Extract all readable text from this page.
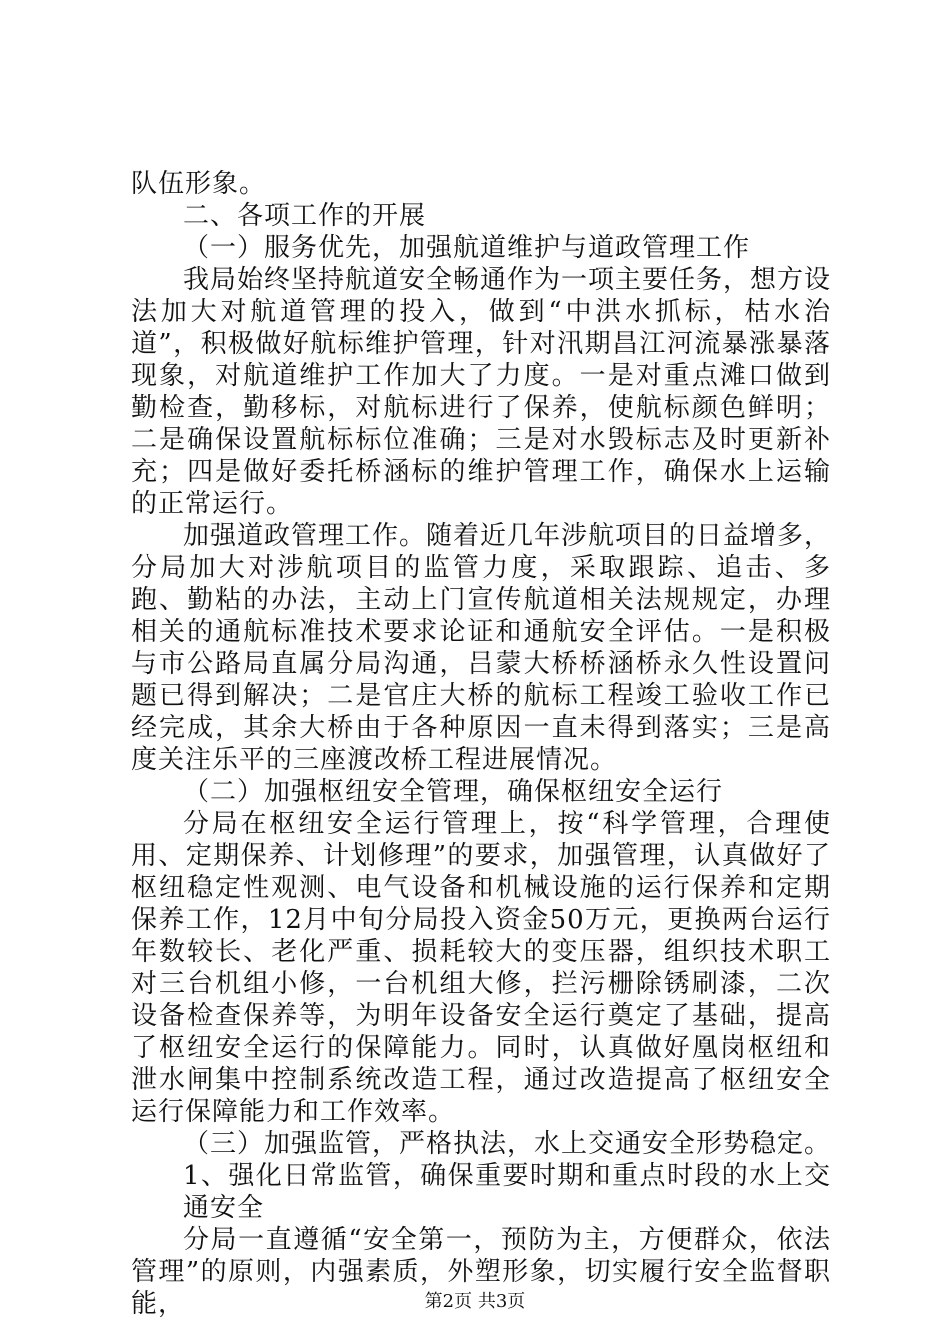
队伍形象。

二、各项工作的开展

（一）服务优先，加强航道维护与道政管理工作

我局始终坚持航道安全畅通作为一项主要任务，想方设法加大对航道管理的投入，做到“中洪水抓标，枯水治道”，积极做好航标维护管理，针对汛期昌江河流暴涨暴落现象，对航道维护工作加大了力度。一是对重点滩口做到勤检查，勤移标，对航标进行了保养，使航标颜色鲜明；二是确保设置航标标位准确；三是对水毁标志及时更新补充；四是做好委托桥涵标的维护管理工作，确保水上运输的正常运行。

加强道政管理工作。随着近几年涉航项目的日益增多，分局加大对涉航项目的监管力度，采取跟踪、追击、多跑、勤粘的办法，主动上门宣传航道相关法规规定，办理相关的通航标准技术要求论证和通航安全评估。一是积极与市公路局直属分局沟通，吕蒙大桥桥涵桥永久性设置问题已得到解决；二是官庄大桥的航标工程竣工验收工作已经完成，其余大桥由于各种原因一直未得到落实；三是高度关注乐平的三座渡改桥工程进展情况。

（二）加强枢纽安全管理，确保枢纽安全运行

分局在枢纽安全运行管理上，按“科学管理，合理使用、定期保养、计划修理”的要求，加强管理，认真做好了枢纽稳定性观测、电气设备和机械设施的运行保养和定期保养工作，12月中旬分局投入资金50万元，更换两台运行年数较长、老化严重、损耗较大的变压器，组织技术职工对三台机组小修，一台机组大修，拦污栅除锈刷漆，二次设备检查保养等，为明年设备安全运行奠定了基础，提高了枢纽安全运行的保障能力。同时，认真做好凰岗枢纽和泄水闸集中控制系统改造工程，通过改造提高了枢纽安全运行保障能力和工作效率。

（三）加强监管，严格执法，水上交通安全形势稳定。

1、强化日常监管，确保重要时期和重点时段的水上交通安全

分局一直遵循“安全第一，预防为主，方便群众，依法管理”的原则，内强素质，外塑形象，切实履行安全监督职能，	第2页 共3页
